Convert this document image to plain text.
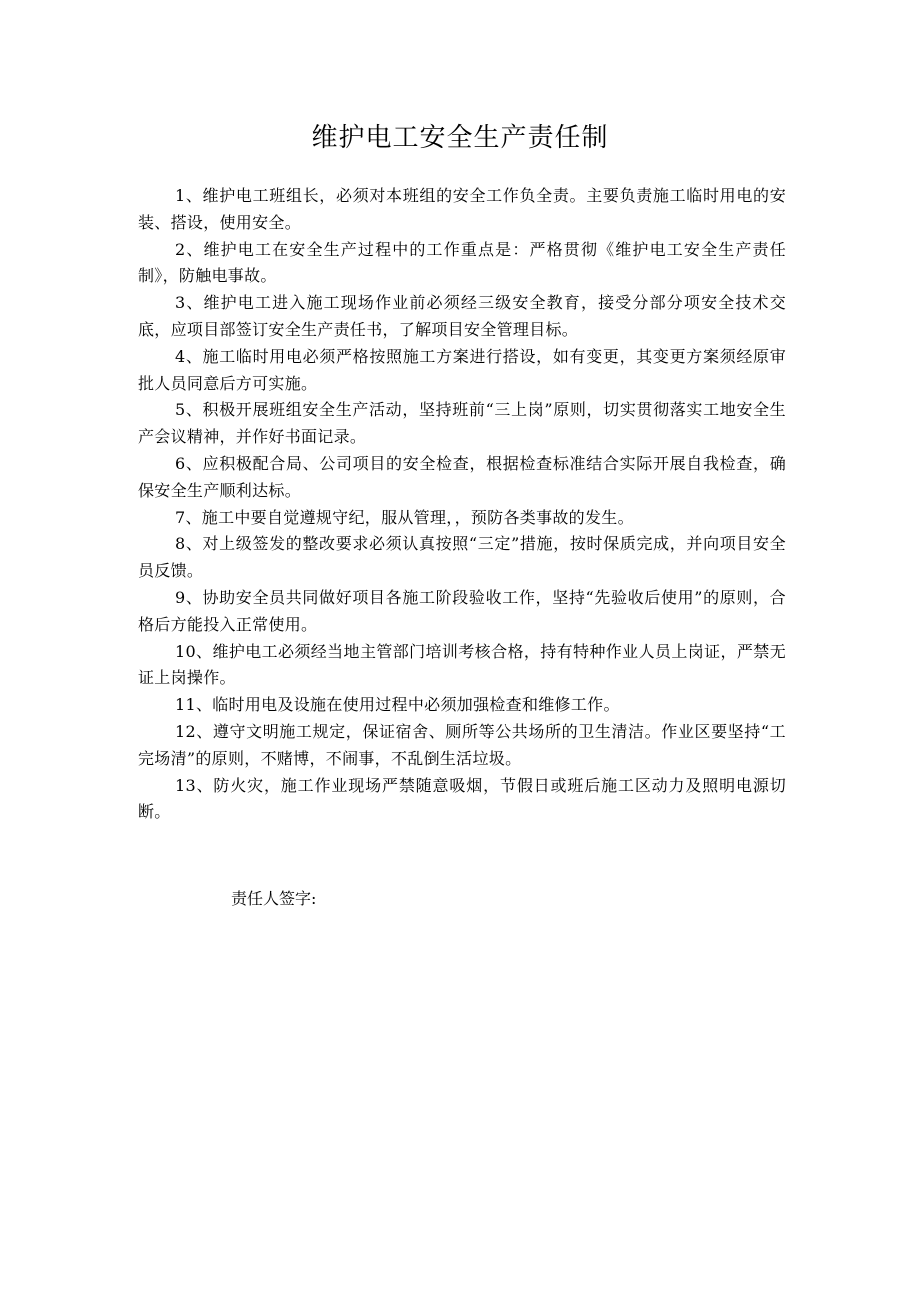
维护电工安全生产责任制

1、维护电工班组长，必须对本班组的安全工作负全责。主要负责施工临时用电的安装、搭设，使用安全。

2、维护电工在安全生产过程中的工作重点是：严格贯彻《维护电工安全生产责任制》，防触电事故。

3、维护电工进入施工现场作业前必须经三级安全教育，接受分部分项安全技术交底，应项目部签订安全生产责任书，了解项目安全管理目标。

4、施工临时用电必须严格按照施工方案进行搭设，如有变更，其变更方案须经原审批人员同意后方可实施。

5、积极开展班组安全生产活动，坚持班前“三上岗”原则，切实贯彻落实工地安全生产会议精神，并作好书面记录。

6、应积极配合局、公司项目的安全检查，根据检查标准结合实际开展自我检查，确保安全生产顺利达标。

7、施工中要自觉遵规守纪，服从管理，，预防各类事故的发生。

8、对上级签发的整改要求必须认真按照“三定”措施，按时保质完成，并向项目安全员反馈。

9、协助安全员共同做好项目各施工阶段验收工作，坚持“先验收后使用”的原则，合格后方能投入正常使用。

10、维护电工必须经当地主管部门培训考核合格，持有特种作业人员上岗证，严禁无证上岗操作。

11、临时用电及设施在使用过程中必须加强检查和维修工作。

12、遵守文明施工规定，保证宿舍、厕所等公共场所的卫生清洁。作业区要坚持“工完场清”的原则，不赌博，不闹事，不乱倒生活垃圾。

13、防火灾，施工作业现场严禁随意吸烟，节假日或班后施工区动力及照明电源切断。

责任人签字:
